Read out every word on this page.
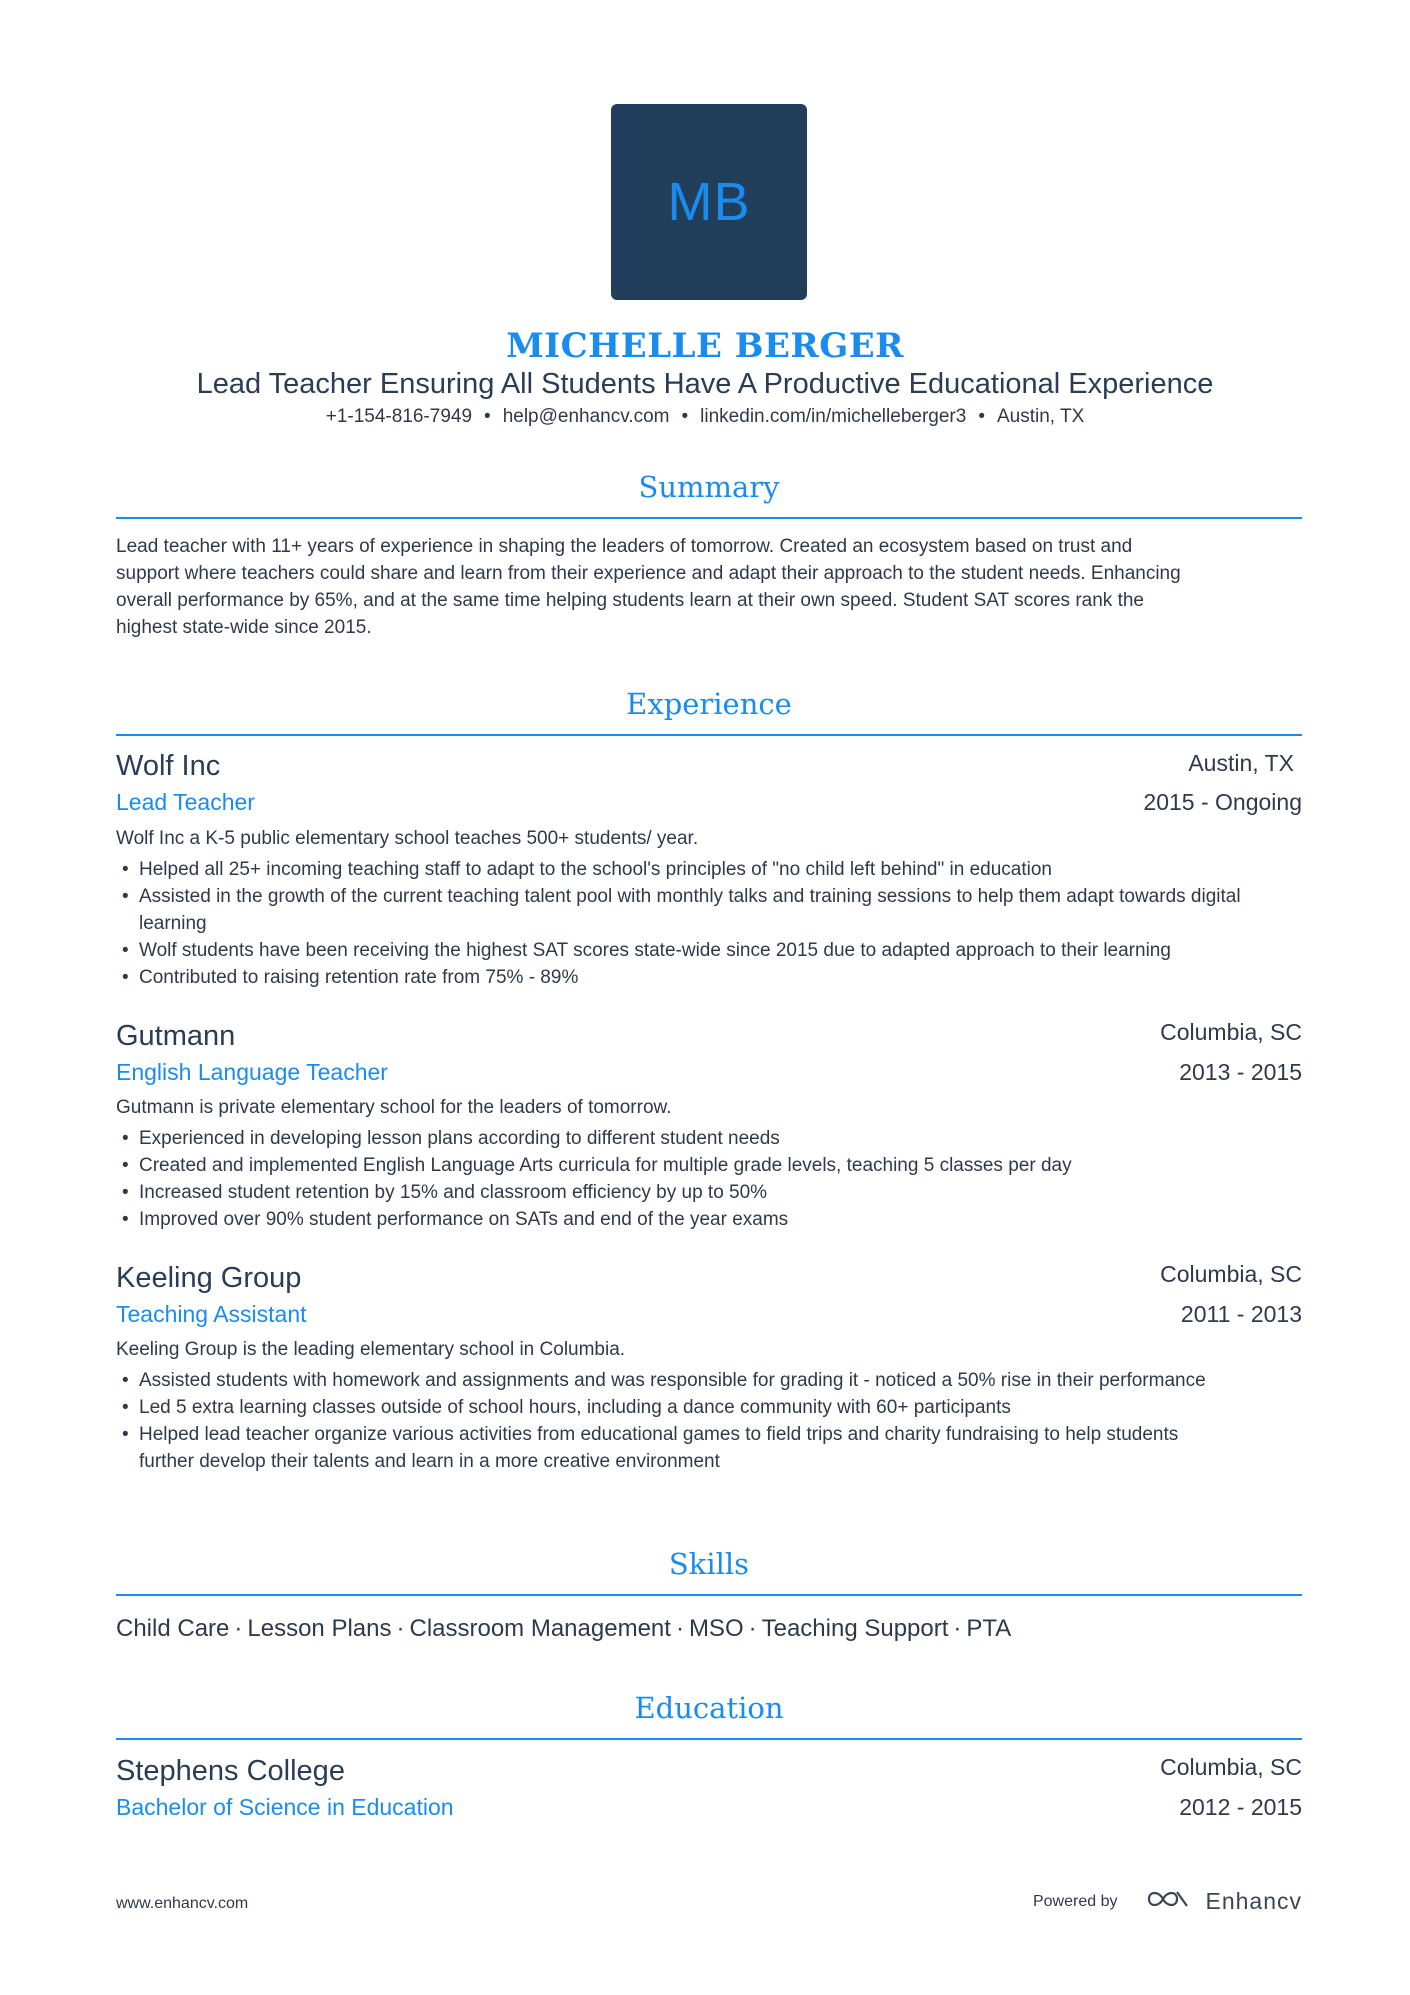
MB
MICHELLE BERGER
Lead Teacher Ensuring All Students Have A Productive Educational Experience
+1-154-816-7949 • help@enhancv.com • linkedin.com/in/michelleberger3 • Austin, TX
Summary
Lead teacher with 11+ years of experience in shaping the leaders of tomorrow. Created an ecosystem based on trust and
support where teachers could share and learn from their experience and adapt their approach to the student needs. Enhancing
overall performance by 65%, and at the same time helping students learn at their own speed. Student SAT scores rank the
highest state-wide since 2015.
Experience
Wolf Inc	Austin, TX
Lead Teacher	2015 - Ongoing
Wolf Inc a K-5 public elementary school teaches 500+ students/ year.
• Helped all 25+ incoming teaching staff to adapt to the school's principles of "no child left behind" in education
• Assisted in the growth of the current teaching talent pool with monthly talks and training sessions to help them adapt towards digital learning
• Wolf students have been receiving the highest SAT scores state-wide since 2015 due to adapted approach to their learning
• Contributed to raising retention rate from 75% - 89%
Gutmann	Columbia, SC
English Language Teacher	2013 - 2015
Gutmann is private elementary school for the leaders of tomorrow.
• Experienced in developing lesson plans according to different student needs
• Created and implemented English Language Arts curricula for multiple grade levels, teaching 5 classes per day
• Increased student retention by 15% and classroom efficiency by up to 50%
• Improved over 90% student performance on SATs and end of the year exams
Keeling Group	Columbia, SC
Teaching Assistant	2011 - 2013
Keeling Group is the leading elementary school in Columbia.
• Assisted students with homework and assignments and was responsible for grading it - noticed a 50% rise in their performance
• Led 5 extra learning classes outside of school hours, including a dance community with 60+ participants
• Helped lead teacher organize various activities from educational games to field trips and charity fundraising to help students further develop their talents and learn in a more creative environment
Skills
Child Care · Lesson Plans · Classroom Management · MSO · Teaching Support · PTA
Education
Stephens College	Columbia, SC
Bachelor of Science in Education	2012 - 2015
www.enhancv.com	Powered by	Enhancv
